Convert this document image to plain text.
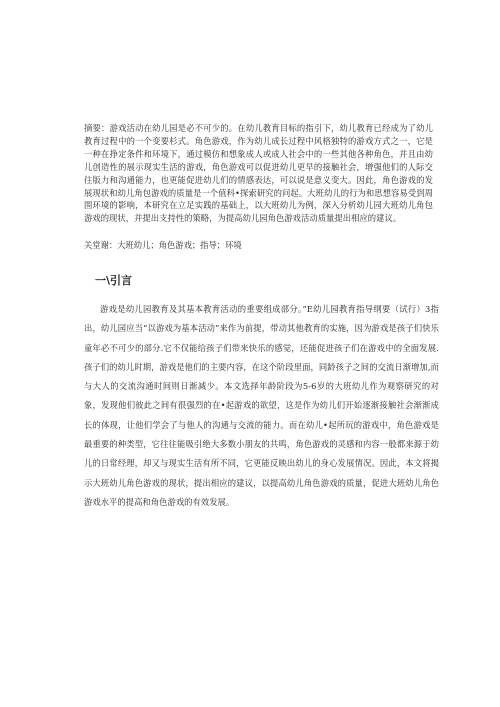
摘要：游戏活动在幼儿园是必不可少的。在幼儿教育目标的指引下，幼儿教育已经成为了幼儿教育过程中的一个变要杉式。角色游戏，作为幼儿成长过程中风格独特的游戏方式之一，它是一种在挣定条件和环境下，通过模仿和想象成人或成人社会中的一些其他各种角色，并且由幼儿创造性的展示现实生活的游戏，角色游戏可以促进幼儿更早的接触社会，增强他们的人际交往版力和沟通能力，也更能促进幼儿们的情感表达，可以说是意义变大。因此，角色游戏的发展现状和幼儿角包游戏的质量是一个值科•探索研究的问起。大班幼儿的行为和思想容易受到周围环境的影响，本研究在立足实践的基础上，以大班幼儿为例，深入分析幼儿园大班幼儿角包游戏的现状，并提出支持性的策略，为提高幼儿园角色游戏活动质量提出相应的建议。

关堂谢：大班幼儿；角色游戏；指导；环境

一\引言

游戏是幼儿园教育及其基本教育活动的重要组成部分。”E幼儿园教育指导纲要（试行）3指出，幼儿园应当“以游戏为基本活动”来作为前提，带动其他教育的实施，因为游戏是孩子们快乐童年必不可少的部分.它不仅能给孩子们带来快乐的感觉，还能促进孩子们在游戏中的全面发展.孩子们的幼儿时期，游戏是他们的主要内容，在这个阶段里面，同龄孩子之间的交流日渐增加,而与大人的交流沟通时间则日渐减少。本文选择年龄阶段为5-6岁的大班幼儿作为观察研究的对象，发现他们彼此之间有很强烈的在•起游戏的欲望，这是作为幼儿们开始逐渐接触社会渐渐成长的体现，让他们学会了与他人的沟通与交流的能力。而在幼儿•起所玩的游戏中，角色游戏是最重要的种类型，它往往能吸引绝大多数小朋友的共鸣，角色游戏的灵感和内容一般都来源于幼儿的日常经理，却又与现实生活有所不同，它更能反映出幼儿的身心发展情况。因此，本文将揭示大班幼儿角色游戏的现状，提出相应的建议，以提高幼儿角色游戏的质量，促进大班幼儿角色游戏水平的提高和角色游戏的有效发展。
